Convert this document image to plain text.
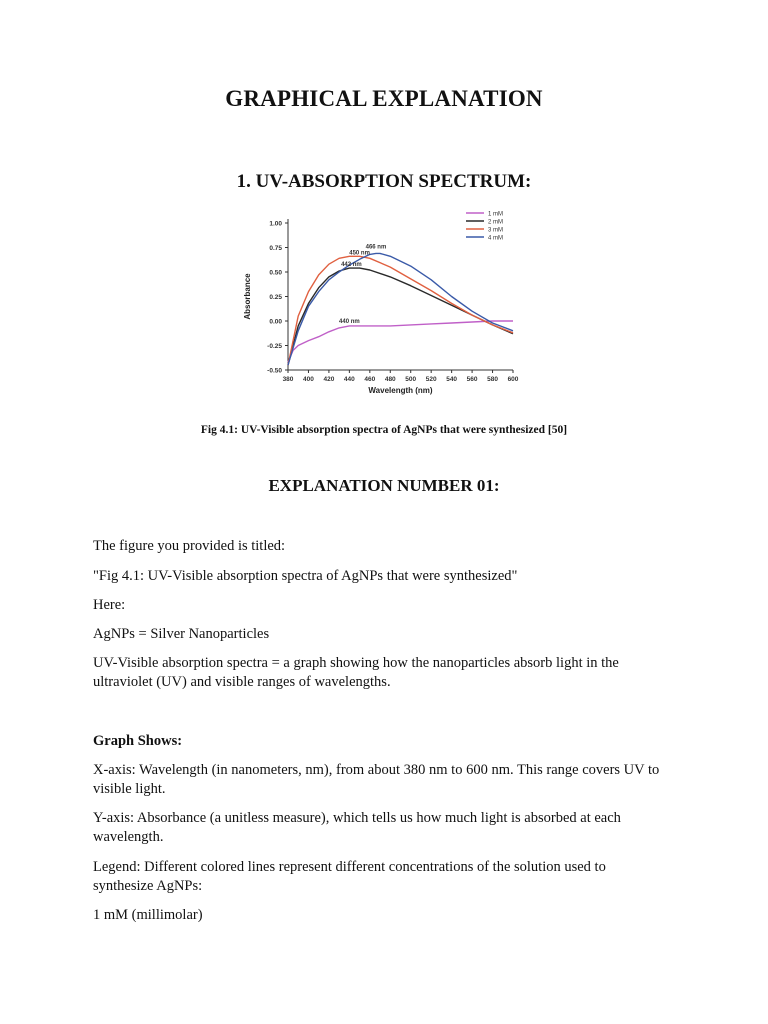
GRAPHICAL EXPLANATION
1. UV-ABSORPTION SPECTRUM:
1.00
0.75
0.50
0.25
0.00
-0.25
-0.50
380 400 420 440 460 480 500 520 540 560 580 600
Wavelength (nm)
Absorbance
466 nm
450 nm
442 nm
440 nm
1 mM
2 mM
3 mM
4 mM

Fig 4.1: UV-Visible absorption spectra of AgNPs that were synthesized [50]

EXPLANATION NUMBER 01:

The figure you provided is titled:

"Fig 4.1: UV-Visible absorption spectra of AgNPs that were synthesized"

Here:

AgNPs = Silver Nanoparticles

UV-Visible absorption spectra = a graph showing how the nanoparticles absorb light in the ultraviolet (UV) and visible ranges of wavelengths.

Graph Shows:

X-axis: Wavelength (in nanometers, nm), from about 380 nm to 600 nm. This range covers UV to visible light.

Y-axis: Absorbance (a unitless measure), which tells us how much light is absorbed at each wavelength.

Legend: Different colored lines represent different concentrations of the solution used to synthesize AgNPs:

1 mM (millimolar)
